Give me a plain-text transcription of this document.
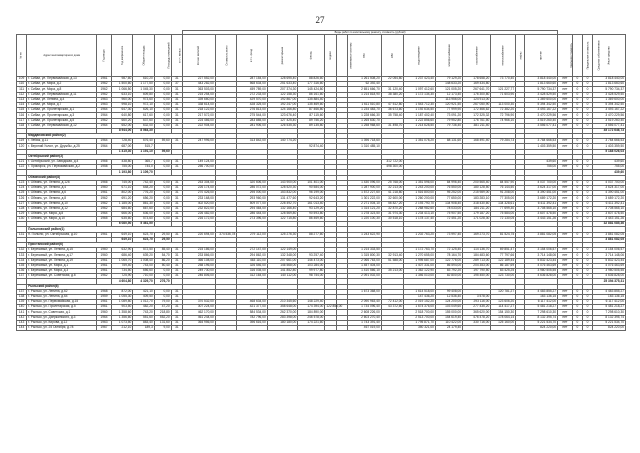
27
							Виды работ по капитальному ремонту, стоимость (рублей)																		
№ пп	Адрес многоквартирного дома	Год ввода	Год капремонта	Общая площадь	Площадь помещений	в т.ч. жилых	Кол-во жителей	Стоимость всего	в т.ч. фонд	ремонт крыши	фасад	подвал	инженерные системы	ГВС	ХВС	водоотведение	электроснабжение	газоснабжение	теплоснабжение	лифты	прочие	Удельная стоимость	Предельная стоимость	Средства собственников	Иные средства
109	г. Сибаи, ул. Первомайская, д.13	1961	987,60	610,20	0,00	31	227 552,00		287 154,00	128 695,40	88 826,60			1 261 508,20	22 054,80	1 237 423,40	79 129,20	178 658,20	73 770,40		3 818 440,00	нет	0	0	3 818 440,00
110	г. Сибаи, ул. Мира, д.2	1962	1 500,60	1 177,50	0,00	37	443 282,00		568 634,00	251 633,40	177 316,60			62 392,40			148 633,20	169 434,80			1 813 660,60	нет	0	0	1 813 660,60
111	г. Сибаи, ул. Мира, д.8	1962	1 066,50	1 045,30	0,00	31	363 503,00		459 789,00	207 374,30	145 424,80			2 651 666,70	31 120,40	1 097 412,60	121 005,20	267 641,70	121 227,77		5 790 734,37	нет	0	0	5 790 734,37
112	г. Сибаи, ул. Первомайская, д.11	1962	633,10	609,80	0,00	31	215 254,00		272 233,00	122 158,30	86 161,60			1 214 818,90	38 380,20	1 172 134,30	12 173,40	176 300,80	71 603,90		3 428 529,50	нет	0	0	3 428 529,50
113	г. Сибаи, ул. Ленина, д.4	1963	960,00	973,60	0,00	31	339 660,00		429 570,00	192 867,00	135 884,40						113 956,00	124 913,00			1 369 600,00	нет	0	0	1 369 600,00
114	г. Сибаи, ул. Мира, д.7	1963	998,10	972,10	0,00	31	338 614,00		428 325,00	192 247,00	135 469,60			1 611 510,80	47 512,80	1 543 712,30	120 921,50	267 050,90	113 000,30		5 394 342,50	нет	0	0	5 394 342,50
115	г. Сибаи, ул. Пролетарская, д.1	1964	647,30	626,10	0,00	31	218 122,00		276 813,00	124 166,80	87 466,80			1 234 483,70	36 673,60	1 192 634,50	77 999,90	172 466,62	72 382,20		3 493 167,22	нет	0	0	3 493 167,22
116	г. Сибаи, ул. Пролетарская, д.3	1964	640,80	617,60	0,00	31	217 572,00		275 544,00	123 676,40	87 115,60			1 228 666,30	35 758,40	1 187 402,40	73 091,20	172 325,32	72 796,90		3 470 229,56	нет	0	0	3 470 229,56
117	г. Сибаи, ул. Пролетарская, д.5	1962	660,20	637,60	0,00	31	224 466,00		283 885,00	127 425,40	89 756,20			1 265 630,70		1 222 856,60	79 952,80	176 761,50	74 966,10		3 519 260,40	нет	0	0	3 519 260,40
118	г. Сибаи, ул. Первомайская, д.12	1964	652,00	632,00	0,00	31	222 904,00		281 906,00	126 535,30	89 135,80			1 258 968,60	31 498,70	1 214 628,50	79 736,40	381 211,40			3 556 077,41	нет	0	0	3 556 077,41
			8 944,00	8 564,30																					45 172 646,73
	Мардановский район(2)																								
119	г. Лебяж, д.11	1964	728,40	676,40	59,60	31	247 996,00		313 842,00	140 774,20				1 396 718,60		1 351 078,20	88 131,60	168 491,40	79 284,73		3 784 666,53	нет	0	0	3 784 666,53
120	г. Верхний Услон, ул. Дружбы, д.25	1964	687,00	515,7							92 874,40			1 310 485,10							1 403 359,50	нет	0	0	1 403 359,50
			1 415,30	1 191,10	59,60																				5 188 026,03
	Октябрьский район(2)																								
121	г. Октябрьский, ул. Заводская, д.4	1966	438,80	365,7	0,00	31	149 124,00								312 722,00						439,60	нет	0	0	439,60
122	г. Приморск, ул. Первомайская, д.2	1958	755,00	744,0	0,00	31	256 700,00								498 300,00						755,00	нет	0	0	755,00
			1 193,80	1 109,70																					439,60
	Обвинский район(8)																								
123	г. Обвинь, ул. Ленина, д.126	1966	745,00	742,40	0,00	31	253 304,00		320 606,00	143 900,00	101 401,00			1 430 096,00	25 768,00	1 351 596,00	84 996,40	200 565,40	84 557,90		4 037 700,00	нет	0	0	4 037 700,00
124	г. Обвинь, ул. Ленина, д.4	1960	671,10	648,20	0,00	31	226 174,00		286 072,00	128 520,30	90 584,00			1 287 900,00	32 213,00	1 243 200,00	76 550,00	180 128,50	76 144,50		3 624 317,00	нет	0	0	3 624 317,00
125	г. Обвинь, ул. Ленина, д.6	1961	802,00	776,20	0,00	31	270 426,00		295 000,00	153 832,00	96 199,00			1 572 227,60	41 218,80	1 516 800,00	95 252,00	215 989,00	91 208,00		4 390 451,00	нет	0	0	4 390 451,00
126	г. Обвинь, ул. Ленина, д.8	1962	691,20	656,20	0,00	31	233 168,00		293 960,00	131 477,60	92 643,20			1 301 222,00	32 600,00	1 260 200,00	77 650,00	183 283,10	77 305,00		3 689 172,20	нет	0	0	3 689 172,20
127	г. Обвинь, ул. Ленина, д.10	1962	1 185,00	861,30	0,00	31	402 520,00		509 077,00	228 492,70	161 013,40			2 271 004,10	56 827,20	2 193 790,70	134 908,40	318 430,60	134 328,61		6 411 392,41	нет	0	0	6 411 392,41
128	г. Обвинь, ул. Ленина, д.12	1962	684,60	667,60	0,00	31	232 822,00		294 464,00	132 166,40	93 129,20			1 314 121,20	32 870,20	1 268 982,60	78 033,00	184 211,20	77 699,30		3 708 565,10	нет	0	0	3 708 565,10
129	г. Обвинь, ул. Мира, д.8	1964	666,00	636,00	0,00	31	226 482,00		286 444,00	128 569,80	90 593,80			1 278 323,50	31 974,30	1 234 413,10	75 907,50	179 187,20	75 584,00		3 607 478,50	нет	0	0	3 607 478,50
130	г. Обвинь, ул. Мира, д.10	1965	635,60	573,60	0,00	31	216 172,00		273 396,00	122 715,80	86 469,60			1 220 100,30	30 518,10	1 178 137,40	72 451,20	171 028,30	72 130,05		3 443 151,26	нет	0	0	3 443 151,26
			6 080,50	5 461,50																					32 881 085,36
	Полыновский район(1)																								
131	п. Полыно, ул. Октябрьская, д.10	1961	649,10	623,70	29,50	31	220 694,00	374 536,78	279 112,00	125 276,30	88 277,60			1 243 622,90		1 202 763,20	73 997,40	169 273,70	81 524,75		3 881 082,05	нет	0	0	3 881 082,05
			649,10	623,70	29,50																				3 881 082,05
	Пристанский район(6)																								
132	г. Березовый, ул. Ленина, д.15	1960	632,90	572,50	85,40	31	215 186,00		272 147,00	122 149,00				1 214 333,50		1 172 763,70	72 125,40	114 136,70	69 851,47		3 154 006,57	нет	0	0	3 154 006,57
133	г. Березовый, ул. Ленина, д.17	1960	686,40	639,20	54,70	31	233 866,00		294 862,00	132 348,00	93 257,40			1 315 800,30	32 913,40	1 270 655,00	78 164,70	184 483,60	77 797,66		3 714 148,06	нет	0	0	3 714 148,06
134	г. Березовый, ул. Ленина, д.19	1961	1 065,70	1 008,40	86,20	31	366 108,00		463 110,00	207 661,00	146 473,00			2 066 763,00	51 588,00	1 995 687,00	122 776,00	289 713,00	122 189,44		5 832 423,44	нет	0	0	5 832 423,44
135	г. Березовый, ул. Мира, д.1	1961	759,40	743,00	50,40	31	258 196,00		326 546,00	146 568,00	103 284,00			1 457 404,00		1 407 331,00	86 594,00	204 353,00	86 187,69		4 076 463,69	нет	0	0	4 076 463,69
136	г. Березовый, ул. Мира, д.3	1961	734,50	656,60	0,00	31	249 730,00		316 035,00	141 852,80	99 977,80			1 410 566,10	35 213,00	1 362 122,90	83 792,20	197 790,50	83 425,25		3 980 505,55	нет	0	0	3 980 505,55
137	г. Березовый, ул. Советская, д.6	1962	725,90	710,00	0,00	31	246 806,00		312 164,00	140 112,00	98 754,00			2 091 002,00		1 346 010,00	82 800,00	195 450,00	123 730,00		4 636 828,00	нет	0	0	4 636 828,00
			4 604,80	4 329,70	276,70																				25 394 375,31
	Рыльский район(8)																								
137	г. Рыльск, ул. Ленина, д.62	1968	872,00	421,10	0,00	31								1 673 368,00		1 614 518,00	99 408,00		120 781,27		4 483 855,27	нет	0	0	4 483 855,27
138	г. Рыльск, ул. Ленина, д.64	1959	1 055,30	409,50	0,00	31										147 436,20	12 536,40	3 578,00			163 136,15	нет	0	0	163 136,15
139	г. Рыльск, ул. Первомайская, д.15	1961	1 089,80	1 012,70	79,00	31	370 532,00		468 634,00	210 345,60	148 229,40			2 090 963,40	72 412,00	2 019 152,20	124 200,00	293 116,00	123 606,20		6 117 412,00	нет	0	0	6 117 412,00
140	г. Рыльск, ул. Пролетарская, д.5	1961	903,50	482,20	47,20	31	307 224,00		421 377,00	358 648,00	174 394,00	122 856,00		1 734 096,40	43 372,60	1 674 376,00	103 049,60	277 435,20	114 417,27		5 481 218,27	нет	0	0	5 481 218,27
141	г. Рыльск, ул. Советская, д.1	1960	1 358,60	743,20	218,80	31	462 170,00		584 534,00	262 370,00	184 890,00			2 608 226,00		2 518 700,00	155 000,00	365 620,00	154 150,30		7 298 610,30	нет	0	0	7 298 610,30
142	г. Рыльск, ул. Дзержинского, д.3	1964	1 356,60	551,60	552,20	31	461 244,00		782 796,00	283 398,00	246 578,00			2 603 270,40		2 513 700,00	154 619,40	476 478,20	178 064,14		8 132 395,74	нет	0	0	8 132 395,74
143	г. Рыльск, ул. Кирова, д.12	1963	1 073,50	883,40	131,60	31	364 956,00		396 616,00	180 180,00	174 221,60			1 743 391,40		1 795 871,70	110 422,00	330 716,00	125 160,00		5 221 534,70	нет	0	0	5 221 534,70
144	г. Рыльск, ул. 25 Октября, д.78	1967	212,10	189,3	9,00	31								467 019,00		350 321,00	24 179,40				824 220,00	нет	0	0	824 220,00
